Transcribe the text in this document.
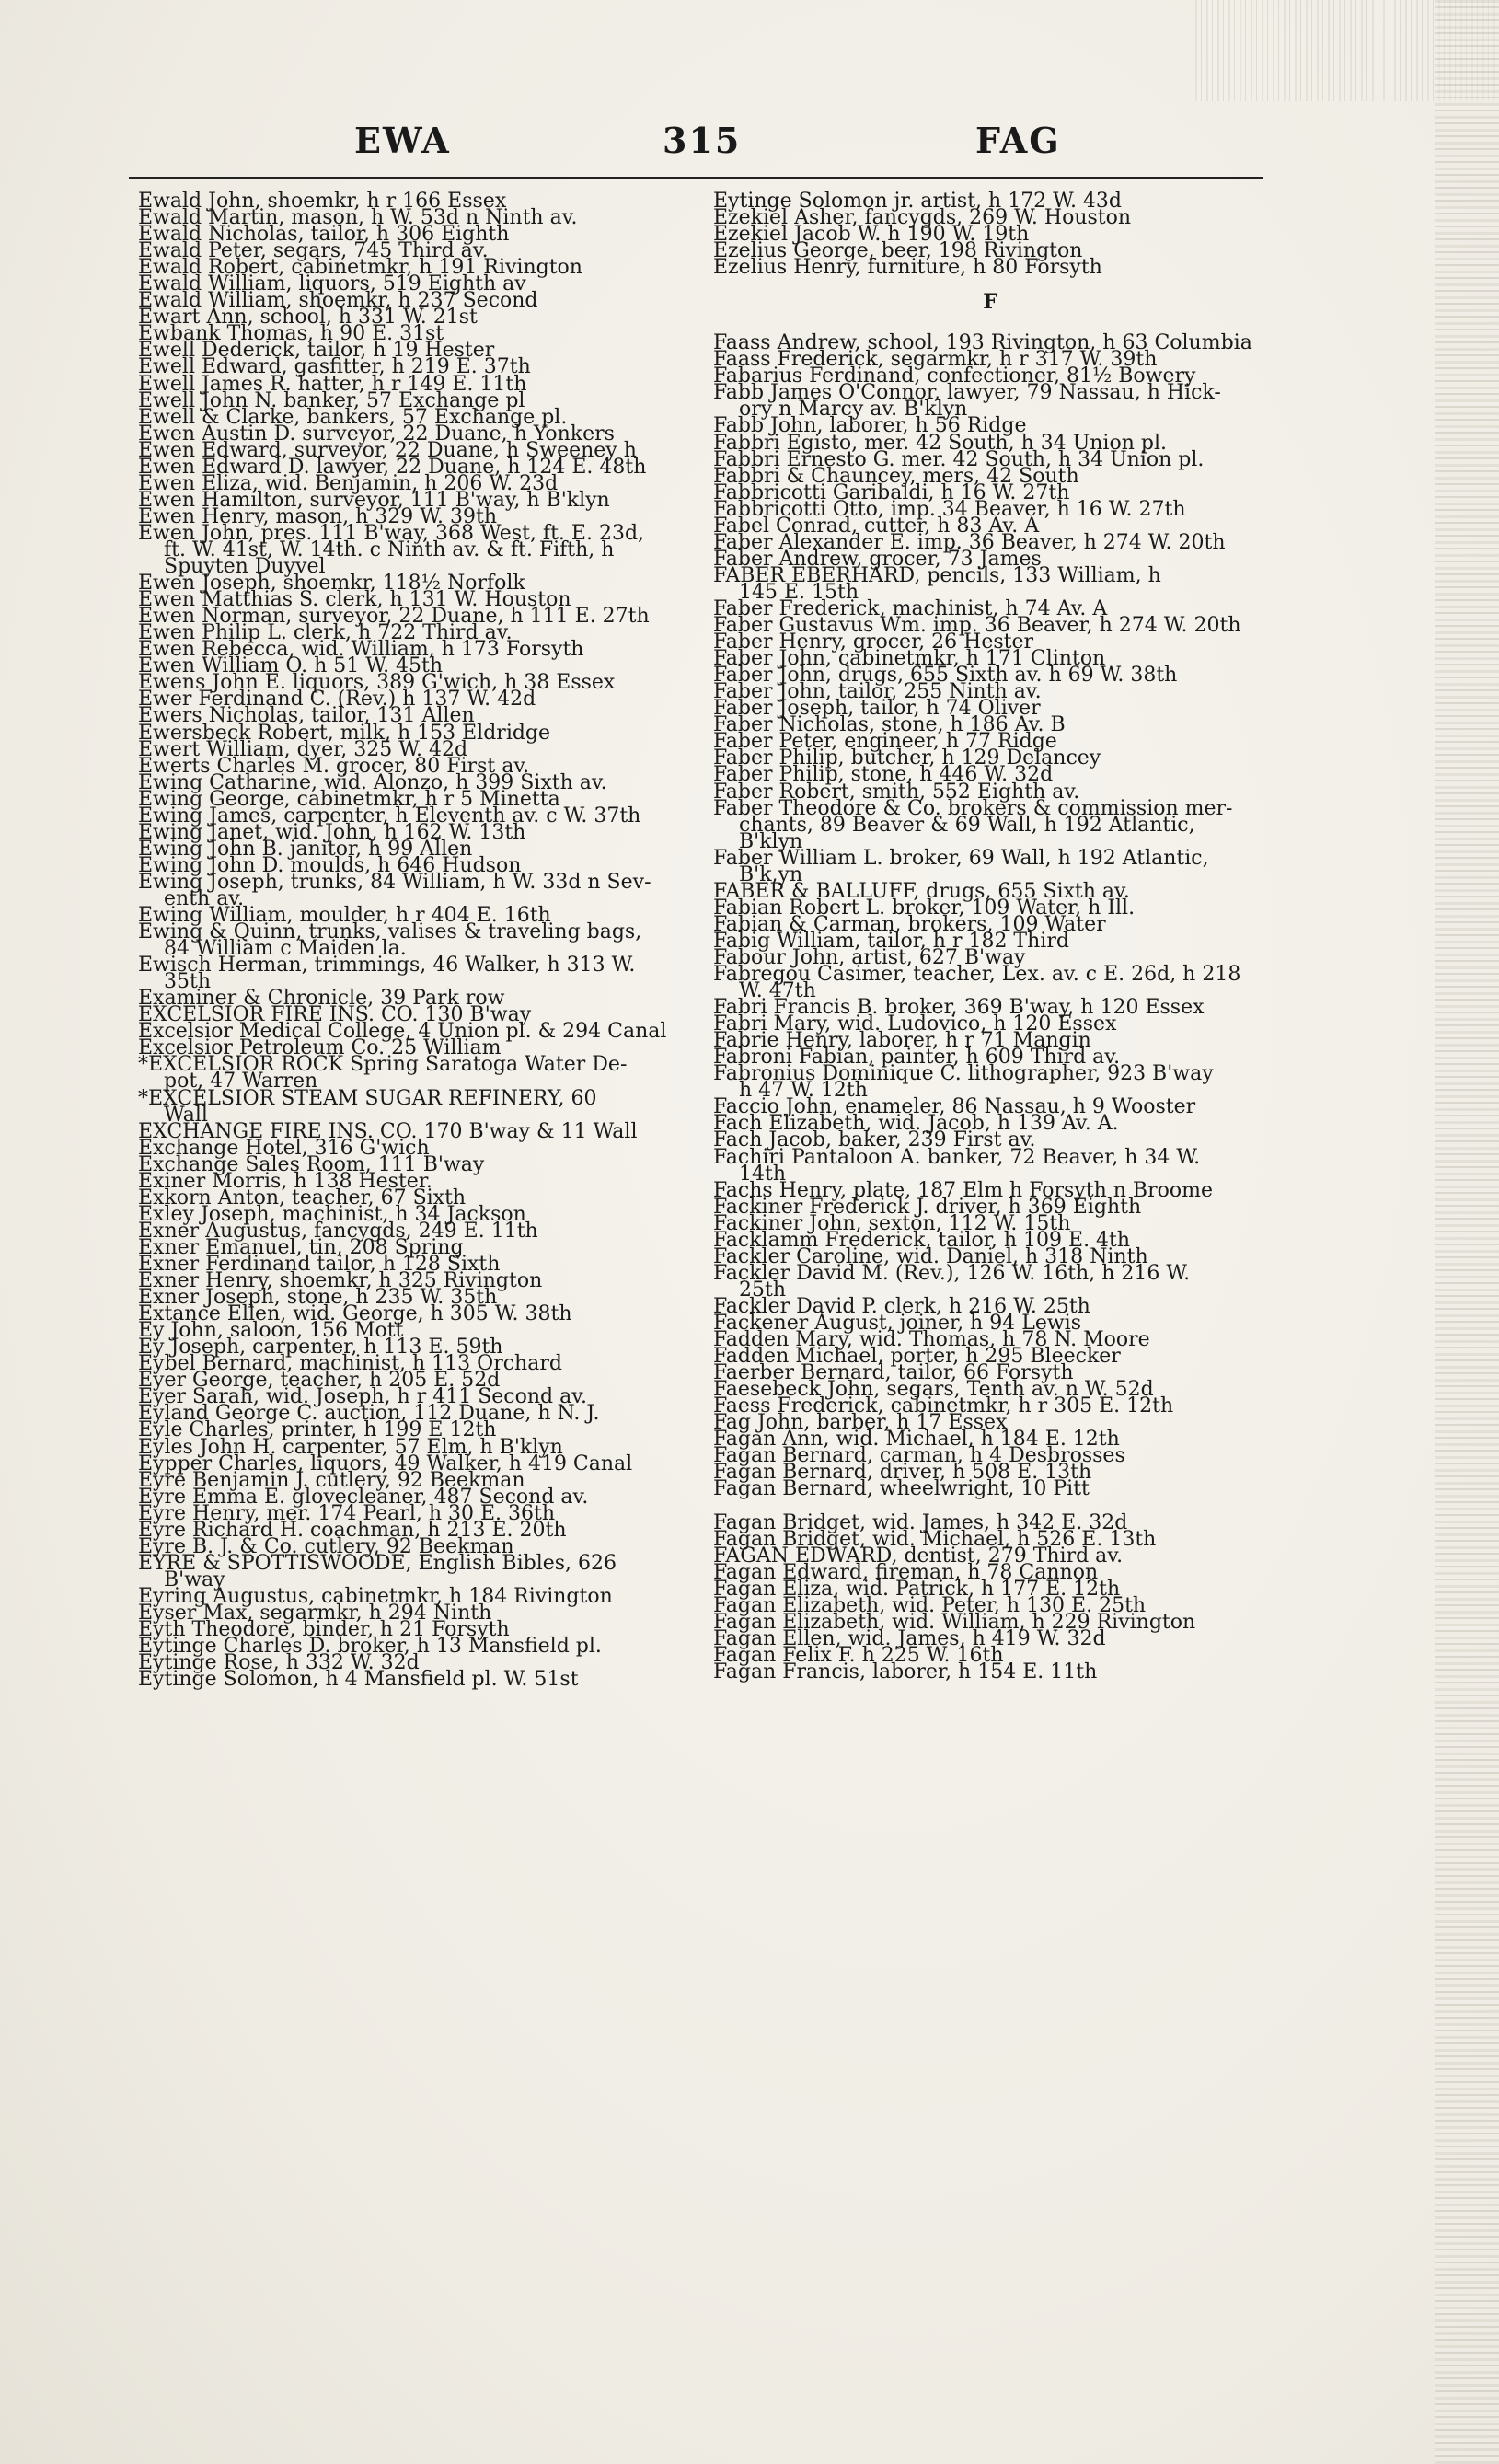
EWA	315	FAG
Ewald John, shoemkr, h r 166 Essex
Ewald Martin, mason, h W. 53d n Ninth av.
Ewald Nicholas, tailor, h 306 Eighth
Ewald Peter, segars, 745 Third av.
Ewald Robert, cabinetmkr, h 191 Rivington
Ewald William, liquors, 519 Eighth av
Ewald William, shoemkr, h 237 Second
Ewart Ann, school, h 331 W. 21st
Ewbank Thomas, h 90 E. 31st
Ewell Dederick, tailor, h 19 Hester
Ewell Edward, gasfitter, h 219 E. 37th
Ewell James R. hatter, h r 149 E. 11th
Ewell John N. banker, 57 Exchange pl
Ewell & Clarke, bankers, 57 Exchange pl.
Ewen Austin D. surveyor, 22 Duane, h Yonkers
Ewen Edward, surveyor, 22 Duane, h Sweeney h
Ewen Edward D. lawyer, 22 Duane, h 124 E. 48th
Ewen Eliza, wid. Benjamin, h 206 W. 23d
Ewen Hamilton, surveyor, 111 B'way, h B'klyn
Ewen Henry, mason, h 329 W. 39th
Ewen John, pres. 111 B'way, 368 West, ft. E. 23d,
ft. W. 41st, W. 14th. c Ninth av. & ft. Fifth, h
Spuyten Duyvel
Ewen Joseph, shoemkr, 118½ Norfolk
Ewen Matthias S. clerk, h 131 W. Houston
Ewen Norman, surveyor, 22 Duane, h 111 E. 27th
Ewen Philip L. clerk, h 722 Third av.
Ewen Rebecca, wid. William, h 173 Forsyth
Ewen William O. h 51 W. 45th
Ewens John E. liquors, 389 G'wich, h 38 Essex
Ewer Ferdinand C. (Rev.) h 137 W. 42d
Ewers Nicholas, tailor, 131 Allen
Ewersbeck Robert, milk, h 153 Eldridge
Ewert William, dyer, 325 W. 42d
Ewerts Charles M. grocer, 80 First av.
Ewing Catharine, wid. Alonzo, h 399 Sixth av.
Ewing George, cabinetmkr, h r 5 Minetta
Ewing James, carpenter, h Eleventh av. c W. 37th
Ewing Janet, wid. John, h 162 W. 13th
Ewing John B. janitor, h 99 Allen
Ewing John D. moulds, h 646 Hudson
Ewing Joseph, trunks, 84 William, h W. 33d n Sev-
enth av.
Ewing William, moulder, h r 404 E. 16th
Ewing & Quinn, trunks, valises & traveling bags,
84 William c Maiden la.
Ewisch Herman, trimmings, 46 Walker, h 313 W.
35th
Examiner & Chronicle, 39 Park row
EXCELSIOR FIRE INS. CO. 130 B'way
Excelsior Medical College, 4 Union pl. & 294 Canal
Excelsior Petroleum Co. 25 William
*EXCELSIOR ROCK Spring Saratoga Water De-
pot, 47 Warren
*EXCELSIOR STEAM SUGAR REFINERY, 60
Wall
EXCHANGE FIRE INS. CO. 170 B'way & 11 Wall
Exchange Hotel, 316 G'wich
Exchange Sales Room, 111 B'way
Exiner Morris, h 138 Hester.
Exkorn Anton, teacher, 67 Sixth
Exley Joseph, machinist, h 34 Jackson
Exner Augustus, fancygds, 249 E. 11th
Exner Emanuel, tin, 208 Spring
Exner Ferdinand tailor, h 128 Sixth
Exner Henry, shoemkr, h 325 Rivington
Exner Joseph, stone, h 235 W. 35th
Extance Ellen, wid. George, h 305 W. 38th
Ey John, saloon, 156 Mott
Ey Joseph, carpenter, h 113 E. 59th
Eybel Bernard, machinist, h 113 Orchard
Eyer George, teacher, h 205 E. 52d
Eyer Sarah, wid. Joseph, h r 411 Second av.
Eyland George C. auction, 112 Duane, h N. J.
Eyle Charles, printer, h 199 E 12th
Eyles John H. carpenter, 57 Elm, h B'klyn
Eypper Charles, liquors, 49 Walker, h 419 Canal
Eyre Benjamin J. cutlery, 92 Beekman
Eyre Emma E. glovecleaner, 487 Second av.
Eyre Henry, mer. 174 Pearl, h 30 E. 36th
Eyre Richard H. coachman, h 213 E. 20th
Eyre B. J. & Co. cutlery, 92 Beekman
EYRE & SPOTTISWOODE, English Bibles, 626
B'way
Eyring Augustus, cabinetmkr, h 184 Rivington
Eyser Max, segarmkr, h 294 Ninth
Eyth Theodore, binder, h 21 Forsyth
Eytinge Charles D. broker, h 13 Mansfield pl.
Eytinge Rose, h 332 W. 32d
Eytinge Solomon, h 4 Mansfield pl. W. 51st
Eytinge Solomon jr. artist, h 172 W. 43d
Ezekiel Asher, fancygds, 269 W. Houston
Ezekiel Jacob W. h 190 W. 19th
Ezelius George, beer, 198 Rivington
Ezelius Henry, furniture, h 80 Forsyth
F
Faass Andrew, school, 193 Rivington, h 63 Columbia
Faass Frederick, segarmkr, h r 317 W. 39th
Fabarius Ferdinand, confectioner, 81½ Bowery
Fabb James O'Connor, lawyer, 79 Nassau, h Hick-
ory n Marcy av. B'klyn
Fabb John, laborer, h 56 Ridge
Fabbri Egisto, mer. 42 South, h 34 Union pl.
Fabbri Ernesto G. mer. 42 South, h 34 Union pl.
Fabbri & Chauncey, mers, 42 South
Fabbricotti Garibaldi, h 16 W. 27th
Fabbricotti Otto, imp. 34 Beaver, h 16 W. 27th
Fabel Conrad, cutter, h 83 Av. A
Faber Alexander E. imp. 36 Beaver, h 274 W. 20th
Faber Andrew, grocer, 73 James
FABER EBERHARD, pencils, 133 William, h
145 E. 15th
Faber Frederick, machinist, h 74 Av. A
Faber Gustavus Wm. imp. 36 Beaver, h 274 W. 20th
Faber Henry, grocer, 26 Hester
Faber John, cabinetmkr, h 171 Clinton
Faber John, drugs, 655 Sixth av. h 69 W. 38th
Faber John, tailor, 255 Ninth av.
Faber Joseph, tailor, h 74 Oliver
Faber Nicholas, stone, h 186 Av. B
Faber Peter, engineer, h 77 Ridge
Faber Philip, butcher, h 129 Delancey
Faber Philip, stone, h 446 W. 32d
Faber Robert, smith, 552 Eighth av.
Faber Theodore & Co. brokers & commission mer-
chants, 89 Beaver & 69 Wall, h 192 Atlantic,
B'klyn
Faber William L. broker, 69 Wall, h 192 Atlantic,
B'k,yn
FABER & BALLUFF, drugs, 655 Sixth av.
Fabian Robert L. broker, 109 Water, h Ill.
Fabian & Carman, brokers, 109 Water
Fabig William, tailor, h r 182 Third
Fabour John, artist, 627 B'way
Fabregou Casimer, teacher, Lex. av. c E. 26d, h 218
W. 47th
Fabri Francis B. broker, 369 B'way, h 120 Essex
Fabri Mary, wid. Ludovico, h 120 Essex
Fabrie Henry, laborer, h r 71 Mangin
Fabroni Fabian, painter, h 609 Third av.
Fabronius Dominique C. lithographer, 923 B'way
h 47 W. 12th
Faccio John, enameler, 86 Nassau, h 9 Wooster
Fach Elizabeth, wid. Jacob, h 139 Av. A.
Fach Jacob, baker, 239 First av.
Fachiri Pantaloon A. banker, 72 Beaver, h 34 W.
14th
Fachs Henry, plate, 187 Elm h Forsyth n Broome
Fackiner Frederick J. driver, h 369 Eighth
Fackiner John, sexton, 112 W. 15th
Facklamm Frederick, tailor, h 109 E. 4th
Fackler Caroline, wid. Daniel, h 318 Ninth
Fackler David M. (Rev.), 126 W. 16th, h 216 W.
25th
Fackler David P. clerk, h 216 W. 25th
Fackener August, joiner, h 94 Lewis
Fadden Mary, wid. Thomas, h 78 N. Moore
Fadden Michael, porter, h 295 Bleecker
Faerber Bernard, tailor, 66 Forsyth
Faesebeck John, segars, Tenth av. n W. 52d
Faess Frederick, cabinetmkr, h r 305 E. 12th
Fag John, barber, h 17 Essex
Fagan Ann, wid. Michael, h 184 E. 12th
Fagan Bernard, carman, h 4 Desbrosses
Fagan Bernard, driver, h 508 E. 13th
Fagan Bernard, wheelwright, 10 Pitt
Fagan Bridget, wid. James, h 342 E. 32d
Fagan Bridget, wid. Michael, h 526 E. 13th
FAGAN EDWARD, dentist, 279 Third av.
Fagan Edward, fireman, h 78 Cannon
Fagan Eliza, wid. Patrick, h 177 E. 12th
Fagan Elizabeth, wid. Peter, h 130 E. 25th
Fagan Elizabeth, wid. William, h 229 Rivington
Fagan Ellen, wid. James, h 419 W. 32d
Fagan Felix F. h 225 W. 16th
Fagan Francis, laborer, h 154 E. 11th
